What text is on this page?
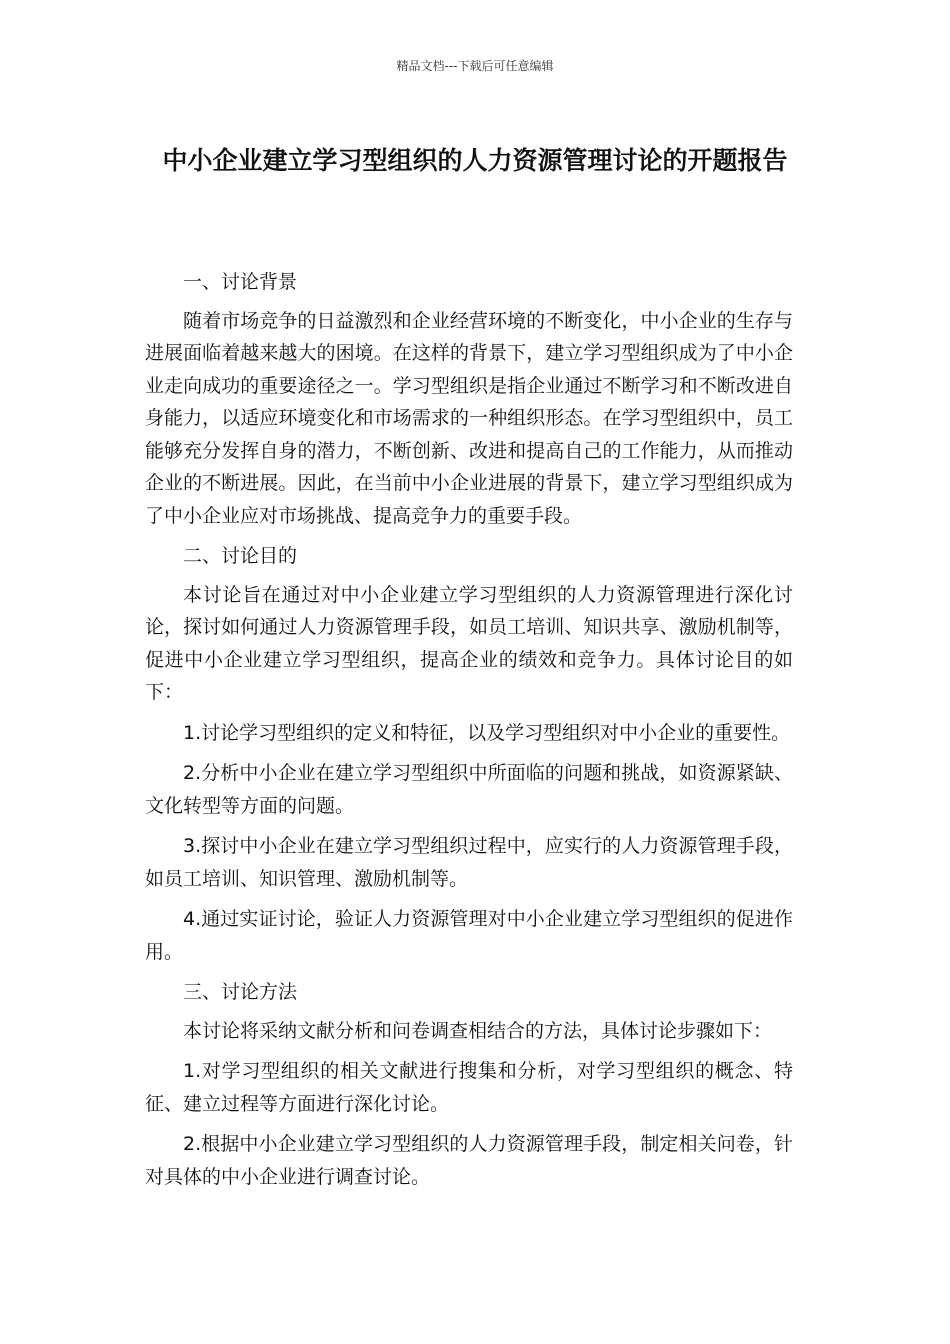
精品文档---下载后可任意编辑
中小企业建立学习型组织的人力资源管理讨论的开题报告

一、讨论背景

随着市场竞争的日益激烈和企业经营环境的不断变化，中小企业的生存与进展面临着越来越大的困境。在这样的背景下，建立学习型组织成为了中小企业走向成功的重要途径之一。学习型组织是指企业通过不断学习和不断改进自身能力，以适应环境变化和市场需求的一种组织形态。在学习型组织中，员工能够充分发挥自身的潜力，不断创新、改进和提高自己的工作能力，从而推动企业的不断进展。因此，在当前中小企业进展的背景下，建立学习型组织成为了中小企业应对市场挑战、提高竞争力的重要手段。

二、讨论目的

本讨论旨在通过对中小企业建立学习型组织的人力资源管理进行深化讨论，探讨如何通过人力资源管理手段，如员工培训、知识共享、激励机制等，促进中小企业建立学习型组织，提高企业的绩效和竞争力。具体讨论目的如下：

1.讨论学习型组织的定义和特征，以及学习型组织对中小企业的重要性。

2.分析中小企业在建立学习型组织中所面临的问题和挑战，如资源紧缺、文化转型等方面的问题。

3.探讨中小企业在建立学习型组织过程中，应实行的人力资源管理手段，如员工培训、知识管理、激励机制等。

4.通过实证讨论，验证人力资源管理对中小企业建立学习型组织的促进作用。

三、讨论方法

本讨论将采纳文献分析和问卷调查相结合的方法，具体讨论步骤如下：

1.对学习型组织的相关文献进行搜集和分析，对学习型组织的概念、特征、建立过程等方面进行深化讨论。

2.根据中小企业建立学习型组织的人力资源管理手段，制定相关问卷，针对具体的中小企业进行调查讨论。
